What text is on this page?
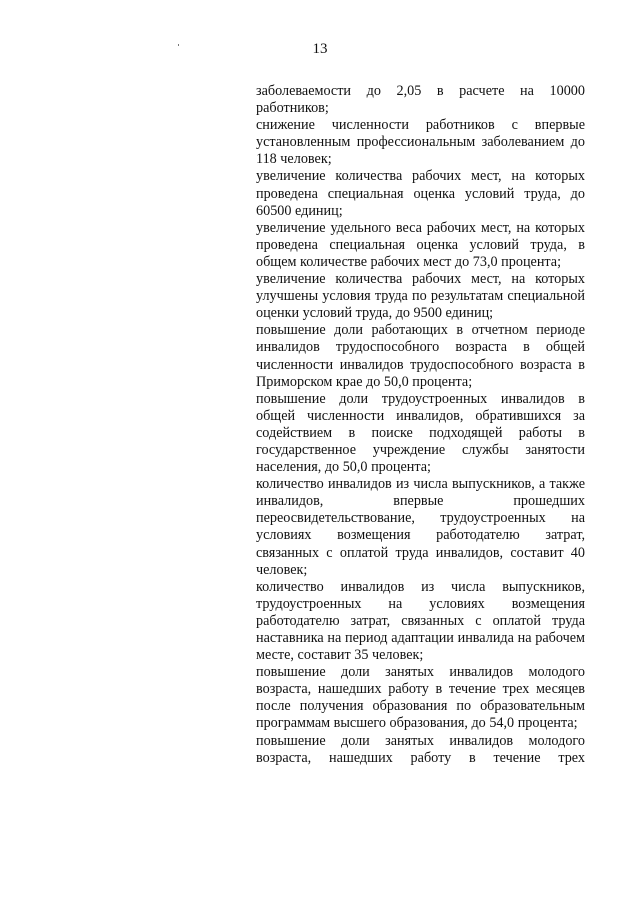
13

заболеваемости до 2,05 в расчете на 10000 работников;

снижение численности работников с впервые установленным профессиональным заболеванием до 118 человек;

увеличение количества рабочих мест, на которых проведена специальная оценка условий труда, до 60500 единиц;

увеличение удельного веса рабочих мест, на которых проведена специальная оценка условий труда, в общем количестве рабочих мест до 73,0 процента;

увеличение количества рабочих мест, на которых улучшены условия труда по результатам специальной оценки условий труда, до 9500 единиц;

повышение доли работающих в отчетном периоде инвалидов трудоспособного возраста в общей численности инвалидов трудоспособного возраста в Приморском крае до 50,0 процента;

повышение доли трудоустроенных инвалидов в общей численности инвалидов, обратившихся за содействием в поиске подходящей работы в государственное учреждение службы занятости населения, до 50,0 процента;

количество инвалидов из числа выпускников, а также инвалидов, впервые прошедших переосвидетельствование, трудоустроенных на условиях возмещения работодателю затрат, связанных с оплатой труда инвалидов, составит 40 человек;

количество инвалидов из числа выпускников, трудоустроенных на условиях возмещения работодателю затрат, связанных с оплатой труда наставника на период адаптации инвалида на рабочем месте, составит 35 человек;

повышение доли занятых инвалидов молодого возраста, нашедших работу в течение трех месяцев после получения образования по образовательным программам высшего образования, до 54,0 процента;

повышение доли занятых инвалидов молодого возраста, нашедших работу в течение трех
